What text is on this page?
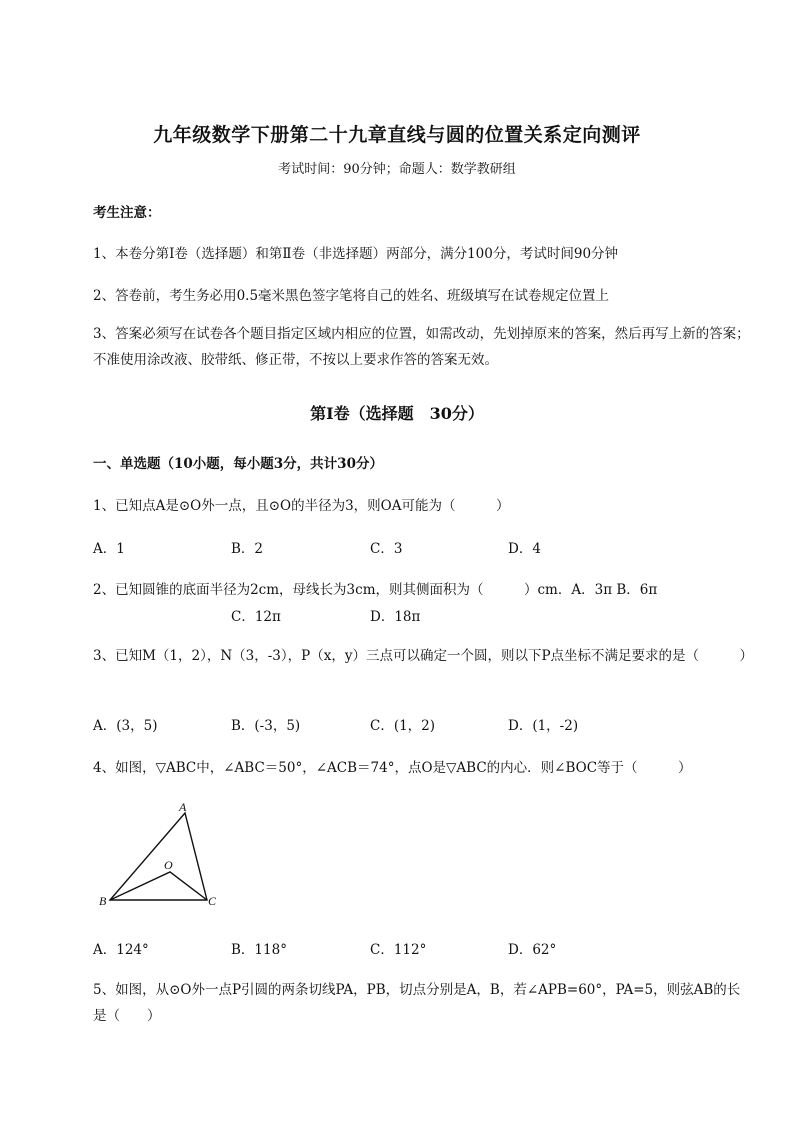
九年级数学下册第二十九章直线与圆的位置关系定向测评
考试时间：90分钟；命题人：数学教研组
考生注意：
1、本卷分第I卷（选择题）和第Ⅱ卷（非选择题）两部分，满分100分，考试时间90分钟
2、答卷前，考生务必用0.5毫米黑色签字笔将自己的姓名、班级填写在试卷规定位置上
3、答案必须写在试卷各个题目指定区域内相应的位置，如需改动，先划掉原来的答案，然后再写上新的答案；不准使用涂改液、胶带纸、修正带，不按以上要求作答的答案无效。
第I卷（选择题　30分）
一、单选题（10小题，每小题3分，共计30分）
1、已知点A是⊙O外一点，且⊙O的半径为3，则OA可能为（　　　）
A．1	B．2	C．3	D．4
2、已知圆锥的底面半径为2cm，母线长为3cm，则其侧面积为（　　　）cm．A．3π B．6π
C．12π	D．18π
3、已知M（1，2），N（3，-3），P（x，y）三点可以确定一个圆，则以下P点坐标不满足要求的是（　　　）
A．(3，5)	B．(-3，5)	C．(1，2)	D．(1，-2)
4、如图，▽ABC中，∠ABC＝50°，∠ACB＝74°，点O是▽ABC的内心．则∠BOC等于（　　　）
A
O
B	C
A．124°	B．118°	C．112°	D．62°
5、如图，从⊙O外一点P引圆的两条切线PA，PB，切点分别是A，B，若∠APB=60°，PA=5，则弦AB的长是（　　）
